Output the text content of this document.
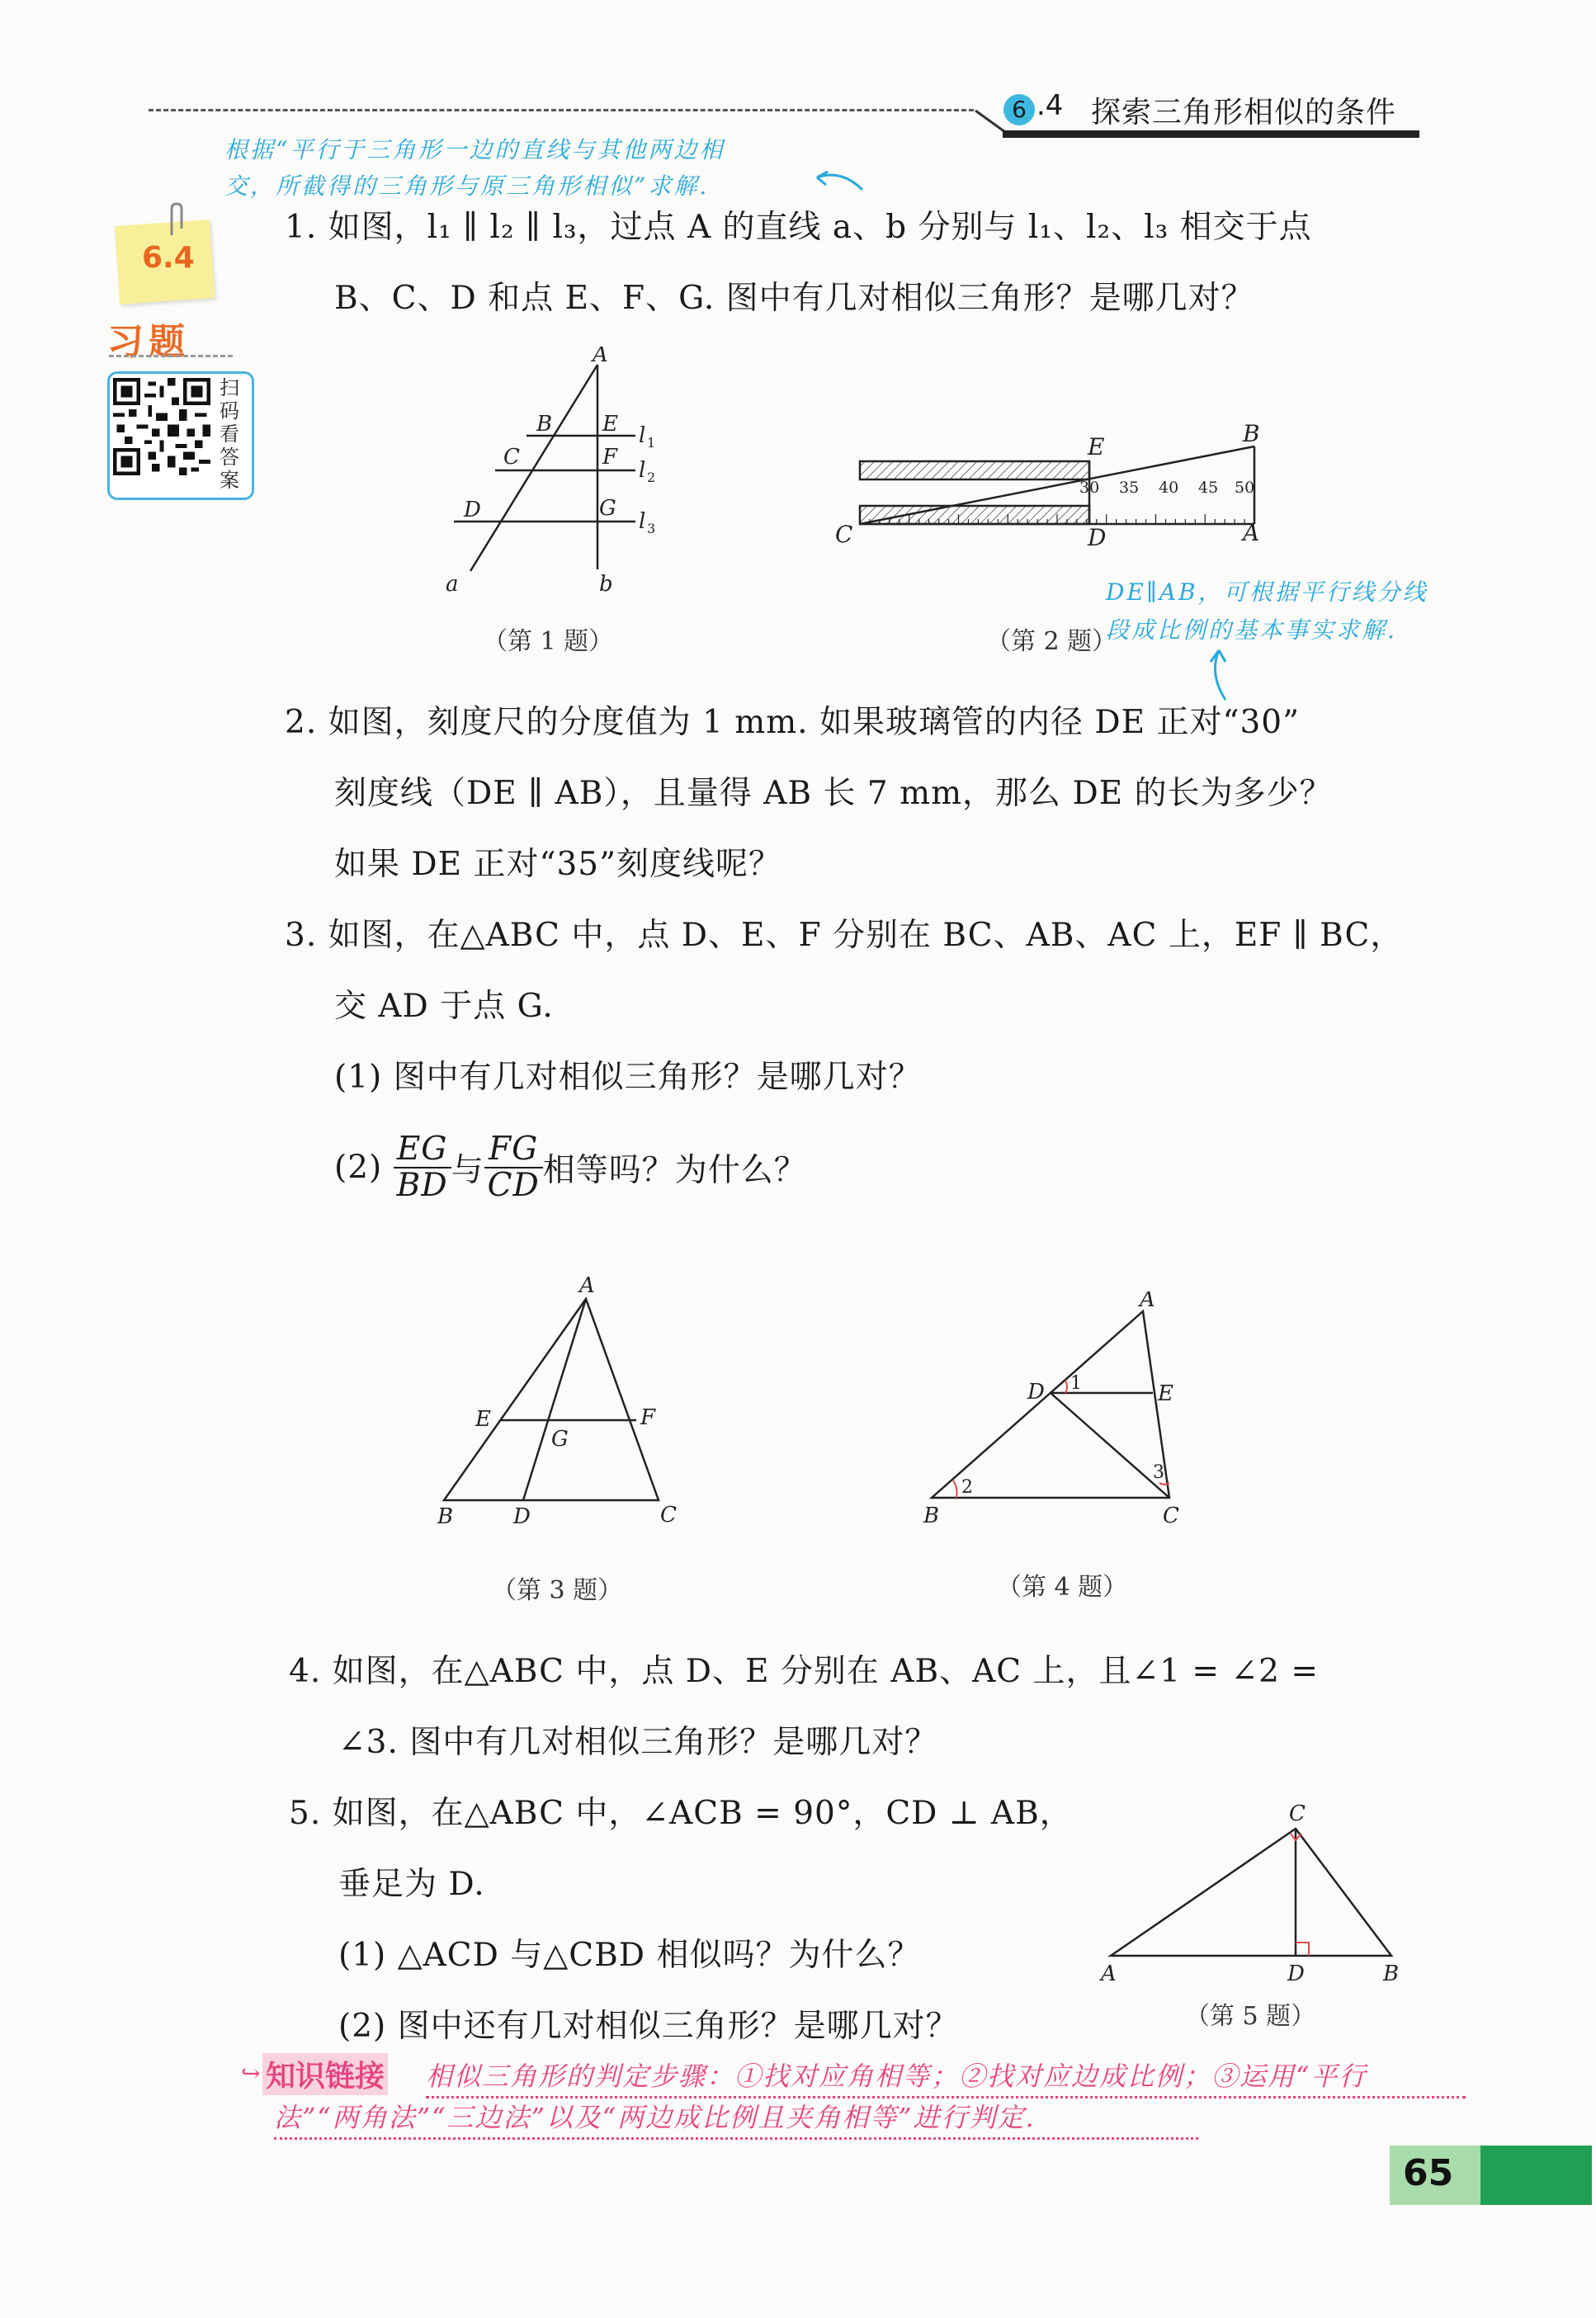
6 .4 探索三角形相似的条件
根据“平行于三角形一边的直线与其他两边相
交，所截得的三角形与原三角形相似”求解.
6.4
习题
扫
码
看
答
案
1. 如图，l₁ ∥ l₂ ∥ l₃，过点 A 的直线 a、b 分别与 l₁、l₂、l₃ 相交于点
B、C、D 和点 E、F、G. 图中有几对相似三角形？是哪几对？
A
B
C
D
E
F
G
a	b
l
l
l
1
2
3
（第 1 题）
30 35 40 45 50
E	B
C	D	A
（第 2 题）
DE∥AB，可根据平行线分线
段成比例的基本事实求解.
2. 如图，刻度尺的分度值为 1 mm. 如果玻璃管的内径 DE 正对“30”
刻度线（DE ∥ AB），且量得 AB 长 7 mm，那么 DE 的长为多少？
如果 DE 正对“35”刻度线呢？
3. 如图，在△ABC 中，点 D、E、F 分别在 BC、AB、AC 上，EF ∥ BC，
交 AD 于点 G.
(1) 图中有几对相似三角形？是哪几对？
$(2) \frac{EG}{BD}$ 与 $\frac{FG}{CD}$ 相等吗？为什么？
A
B	C
D
E	F
G
（第 3 题）
A
B	C
D	E
1
2
3
（第 4 题）
4. 如图，在△ABC 中，点 D、E 分别在 AB、AC 上，且∠1 = ∠2 =
∠3. 图中有几对相似三角形？是哪几对？
5. 如图，在△ABC 中，∠ACB = 90°，CD ⊥ AB，
垂足为 D.
(1) △ACD 与△CBD 相似吗？为什么？
(2) 图中还有几对相似三角形？是哪几对？
C
A	D	B
（第 5 题）
↪ 知识链接 相似三角形的判定步骤：①找对应角相等；②找对应边成比例；③运用“平行
法”“两角法”“三边法”以及“两边成比例且夹角相等”进行判定.
65
